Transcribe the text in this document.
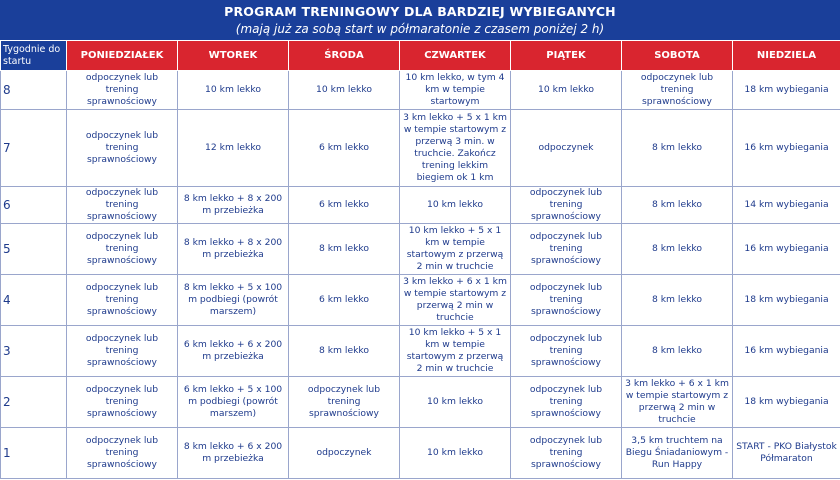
PROGRAM TRENINGOWY DLA BARDZIEJ WYBIEGANYCH
(mają już za sobą start w półmaratonie z czasem poniżej 2 h)
Tygodnie do startu	PONIEDZIAŁEK	WTOREK	ŚRODA	CZWARTEK	PIĄTEK	SOBOTA	NIEDZIELA
8	odpoczynek lub trening sprawnościowy	10 km lekko	10 km lekko	10 km lekko, w tym 4 km w tempie startowym	10 km lekko	odpoczynek lub trening sprawnościowy	18 km wybiegania
7	odpoczynek lub trening sprawnościowy	12 km lekko	6 km lekko	3 km lekko + 5 x 1 km w tempie startowym z przerwą 3 min. w truchcie. Zakończ trening lekkim biegiem ok 1 km	odpoczynek	8 km lekko	16 km wybiegania
6	odpoczynek lub trening sprawnościowy	8 km lekko + 8 x 200 m przebieżka	6 km lekko	10 km lekko	odpoczynek lub trening sprawnościowy	8 km lekko	14 km wybiegania
5	odpoczynek lub trening sprawnościowy	8 km lekko + 8 x 200 m przebieżka	8 km lekko	10 km lekko + 5 x 1 km w tempie startowym z przerwą 2 min w truchcie	odpoczynek lub trening sprawnościowy	8 km lekko	16 km wybiegania
4	odpoczynek lub trening sprawnościowy	8 km lekko + 5 x 100 m podbiegi (powrót marszem)	6 km lekko	3 km lekko + 6 x 1 km w tempie startowym z przerwą 2 min w truchcie	odpoczynek lub trening sprawnościowy	8 km lekko	18 km wybiegania
3	odpoczynek lub trening sprawnościowy	6 km lekko + 6 x 200 m przebieżka	8 km lekko	10 km lekko + 5 x 1 km w tempie startowym z przerwą 2 min w truchcie	odpoczynek lub trening sprawnościowy	8 km lekko	16 km wybiegania
2	odpoczynek lub trening sprawnościowy	6 km lekko + 5 x 100 m podbiegi (powrót marszem)	odpoczynek lub trening sprawnościowy	10 km lekko	odpoczynek lub trening sprawnościowy	3 km lekko + 6 x 1 km w tempie startowym z przerwą 2 min w truchcie	18 km wybiegania
1	odpoczynek lub trening sprawnościowy	8 km lekko + 6 x 200 m przebieżka	odpoczynek	10 km lekko	odpoczynek lub trening sprawnościowy	3,5 km truchtem na Biegu Śniadaniowym - Run Happy	START - PKO Białystok Półmaraton
